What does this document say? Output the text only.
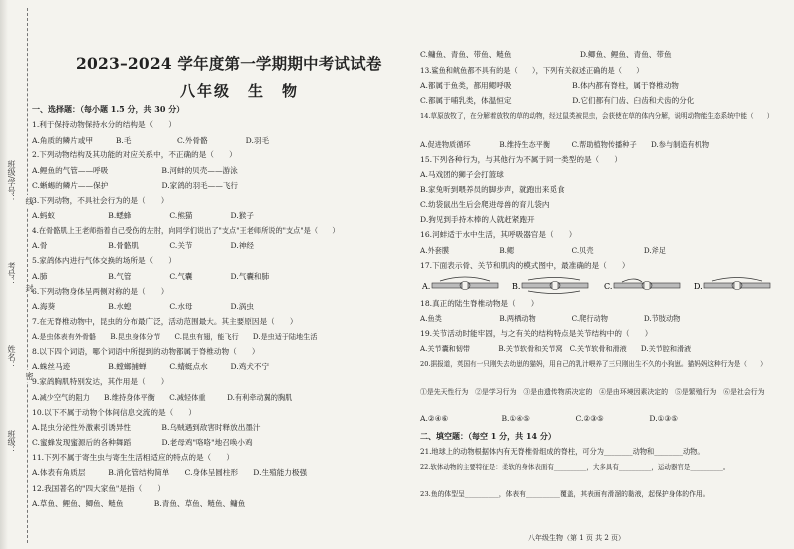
班级/学号：
考号：
姓名：
班级：
线
封
密
2023–2024 学年度第一学期期中考试试卷
八年级　生　物
一、选择题：（每小题 1.5 分，共 30 分）
1.利于保持动物保持水分的结构是（　　）
A.角质的鳞片或甲　　　B.毛　　　　　　C.外骨骼　　　　　D.羽毛
2.下列动物结构及其功能的对应关系中，不正确的是（　　）
A.鲤鱼的气管——呼吸　　　　　　　B.河蚌的贝壳——游泳
C.蜥蜴的鳞片——保护　　　　　　　D.家鸽的羽毛——飞行
3.下列动物，不具社会行为的是（　　）
A.蚂蚁　　　　　　　B.蟋蜂　　　　　C.熊猫　　　　　D.猴子
4.在骨骼肌上王老师指着自己受伤的左肘，向同学们说出了"支点"王老师所说的"支点"是（　　）
A.骨　　　　　　　　B.骨骼肌　　　　C.关节　　　　　D.神经
5.家鸽体内进行气体交换的场所是（　　）
A.肺　　　　　　　　B.气管　　　　　C.气囊　　　　　D.气囊和肺
6.下列动物身体呈两侧对称的是（　　）
A.海葵　　　　　　　B.水螅　　　　　C.水母　　　　　D.涡虫
7.在无脊椎动物中，昆虫的分布最广泛，活动范围最大。其主要原因是（　　）
A.是虫体表有外骨骼　　B.昆虫身体分节　　C.昆虫有翅，能飞行　　D.是虫适于陆地生活
8.以下四个词语，哪个词语中所提到的动物都属于脊椎动物（　　）
A.蛛丝马迹　　　　　B.螳螂捕蝉　　　C.蜻蜓点水　　　D.鸡犬不宁
9.家鸽胸肌特别发达，其作用是（　　）
A.减少空气的阻力　　B.维持身体平衡　　C.减轻体重　　　D.有利牵动翼的胸肌
10.以下不属于动物个体间信息交流的是（　　）
A.昆虫分泌性外激素引诱异性　　　　B.乌贼遇到敌害时释放出墨汁
C.蜜蜂发现蜜源后的各种舞蹈　　　　D.老母鸡"咯咯"地召唤小鸡
11.下列不属于寄生虫与寄生生活相适应的特点的是（　　）
A.体表有角质层　　　B.消化管结构简单　　C.身体呈圆柱形　　D.生殖能力极强
12.我国著名的"四大家鱼"是指（　　）
A.草鱼、鲤鱼、鲫鱼、鲢鱼　　　　B.青鱼、草鱼、鲢鱼、鳙鱼
C.鳙鱼、青鱼、带鱼、鲢鱼　　　　　　　　　D.鲫鱼、鲤鱼、青鱼、带鱼
13.鲨鱼和鱿鱼都不具有的是（　　），下列有关叙述正确的是（　　）
A.都属于鱼类，都用鳃呼吸　　　　　　　　B.体内都有脊柱，属于脊椎动物
C.都属于哺乳类，体温恒定　　　　　　　　D.它们都有门齿、臼齿和犬齿的分化
14.草原放牧了，在分解着放牧的草的动物，经过鼠类被昆虫，会获使在草的体内分解，说明动物能生态系统中能（　　）
A.促进物质循环　　　　B.维持生态平衡　　　C.帮助植物传播种子　　D.参与制造有机物
15.下列各种行为，与其他行为不属于同一类型的是（　　）
A.马戏团的狮子会打篮球
B.家兔听到喂养员的脚步声，就跑出来觅食
C.幼袋鼠出生后会爬进母兽的育儿袋内
D.狗见到手持木棒的人就赶紧跑开
16.河蚌适于水中生活，其呼吸器官是（　　）
A.外套膜　　　　　　　B.鳃　　　　　　　　C.贝壳　　　　　　　D.斧足
17.下面表示骨、关节和肌肉的模式图中，最准确的是（　　）
A.	B.	C.	D.
18.真正的陆生脊椎动物是（　　）
A.鱼类　　　　　　　　B.两栖动物　　　　　C.爬行动物　　　　　D.节肢动物
19.关节活动时能牢固，与之有关的结构特点是关节结构中的（　　）
A.关节囊和韧带　　　　B.关节软骨和关节窝　C.关节软骨和滑液　　D.关节腔和滑液
20.据报道，英国有一只刚失去幼崽的猫妈，用自己的乳汁喂养了三只刚出生不久的小狗崽。猫妈妈这种行为是（　　）
①是先天性行为　②是学习行为　③是由遗传物质决定的　④是由环境因素决定的　⑤是繁殖行为　⑥是社会行为
A.②④⑥　　　　　　　B.①④⑤　　　　　　C.②③⑤　　　　　　D.①③⑤
二、填空题：（每空 1 分，共 14 分）
21.地球上的动物根据体内有无脊椎骨组成的脊柱，可分为________动物和________动物。
22.软体动物的主要特征是：柔软的身体表面有__________，大多具有__________，运动器官是__________。
23.鱼的体型呈__________，体表有__________覆盖，其表面有滑溜的黏液，起保护身体的作用。
八年级生物（第 1 页 共 2 页）
